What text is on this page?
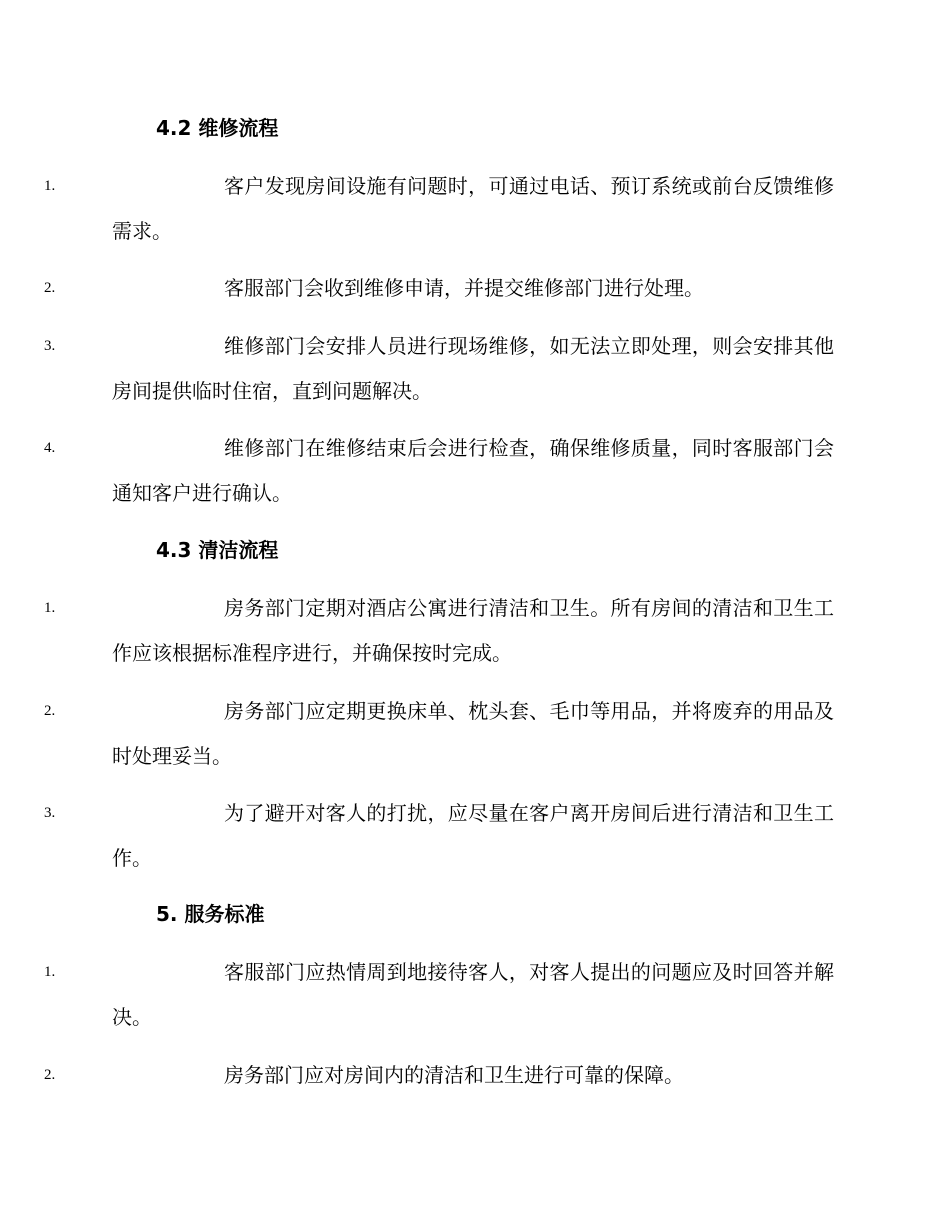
4.2 维修流程
1.	客户发现房间设施有问题时，可通过电话、预订系统或前台反馈维修需求。
2.	客服部门会收到维修申请，并提交维修部门进行处理。
3.	维修部门会安排人员进行现场维修，如无法立即处理，则会安排其他房间提供临时住宿，直到问题解决。
4.	维修部门在维修结束后会进行检查，确保维修质量，同时客服部门会通知客户进行确认。
4.3 清洁流程
1.	房务部门定期对酒店公寓进行清洁和卫生。所有房间的清洁和卫生工作应该根据标准程序进行，并确保按时完成。
2.	房务部门应定期更换床单、枕头套、毛巾等用品，并将废弃的用品及时处理妥当。
3.	为了避开对客人的打扰，应尽量在客户离开房间后进行清洁和卫生工作。
5. 服务标准
1.	客服部门应热情周到地接待客人，对客人提出的问题应及时回答并解决。
2.	房务部门应对房间内的清洁和卫生进行可靠的保障。
